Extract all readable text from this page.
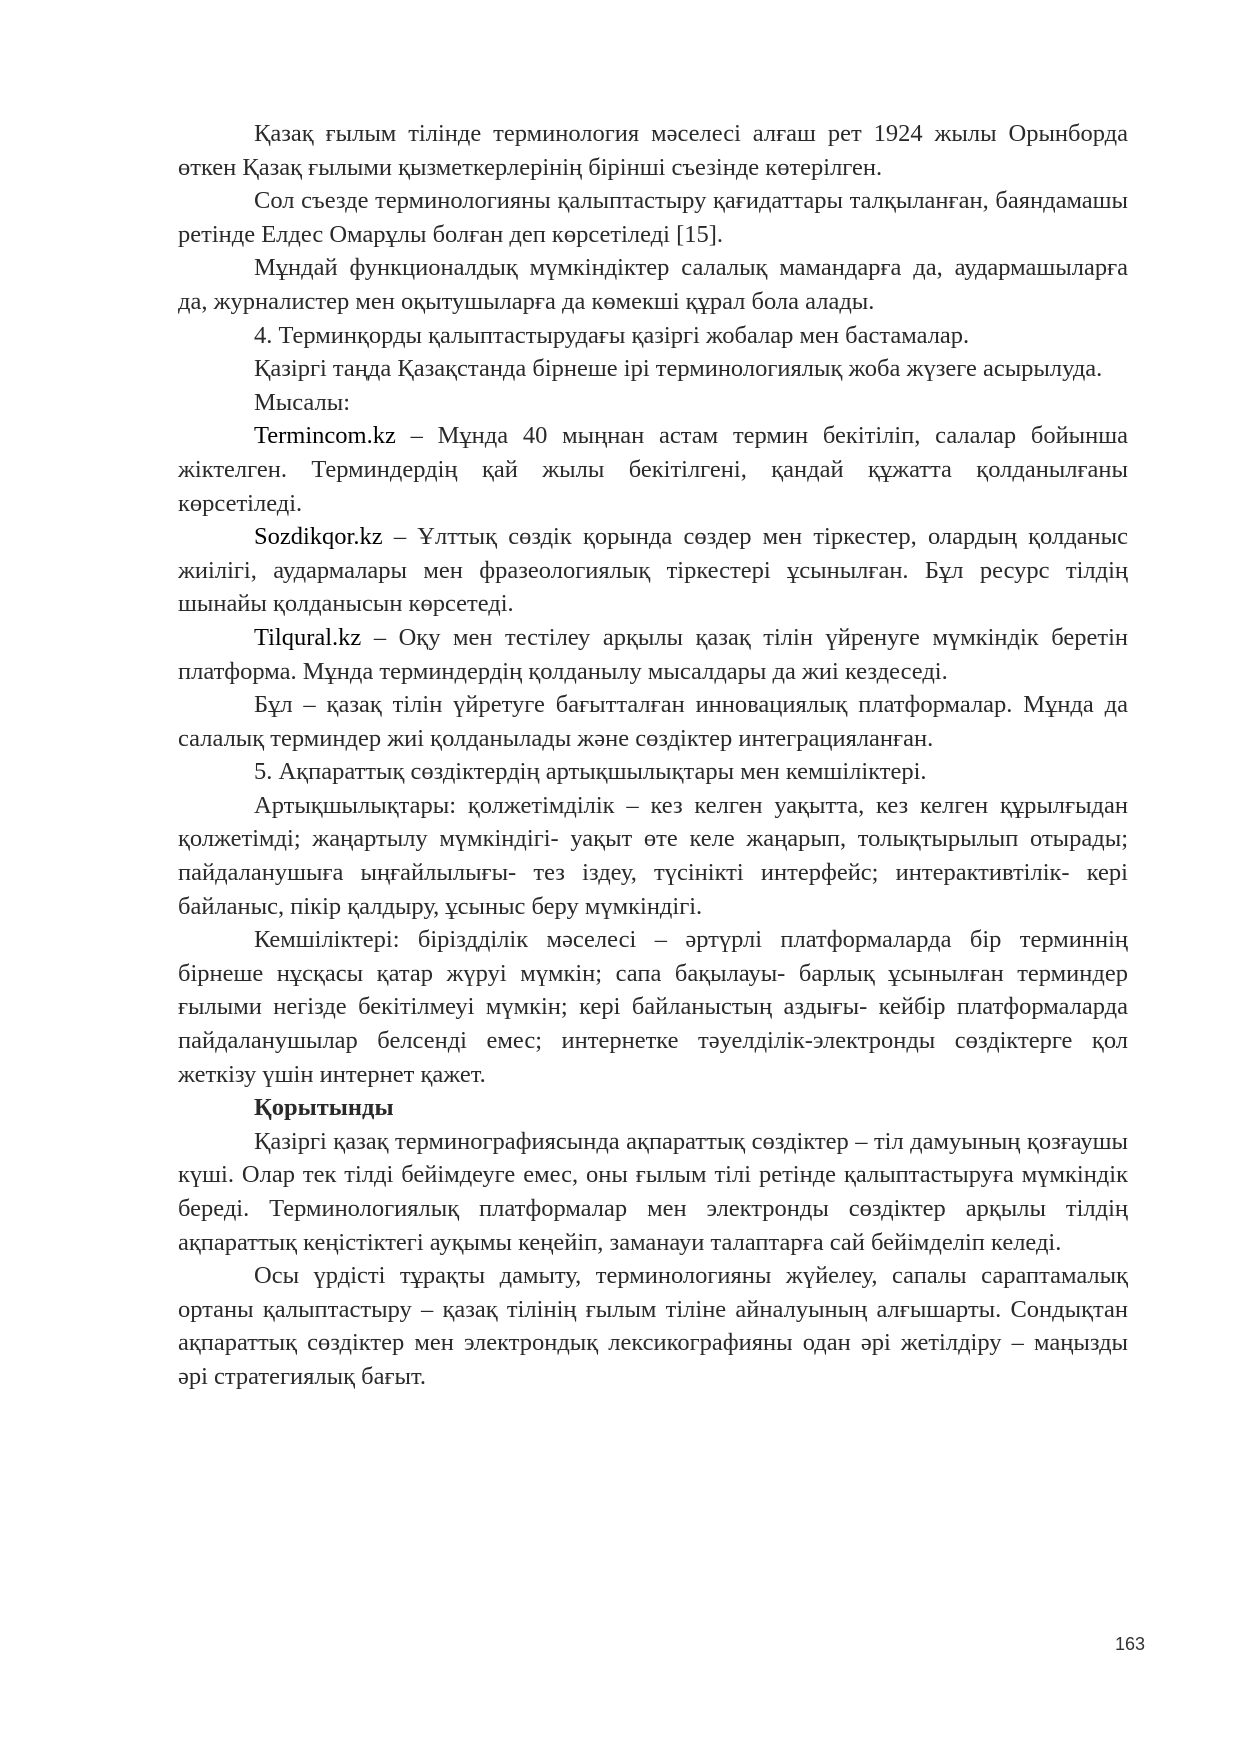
Қазақ ғылым тілінде терминология мәселесі алғаш рет 1924 жылы Орынборда өткен Қазақ ғылыми қызметкерлерінің бірінші съезінде көтерілген.

Сол съезде терминологияны қалыптастыру қағидаттары талқыланған, баяндамашы ретінде Елдес Омарұлы болған деп көрсетіледі [15].

Мұндай функционалдық мүмкіндіктер салалық мамандарға да, аудармашыларға да, журналистер мен оқытушыларға да көмекші құрал бола алады.

4. Терминқорды қалыптастырудағы қазіргі жобалар мен бастамалар.

Қазіргі таңда Қазақстанда бірнеше ірі терминологиялық жоба жүзеге асырылуда.

Мысалы:

Termincom.kz – Мұнда 40 мыңнан астам термин бекітіліп, салалар бойынша жіктелген. Терминдердің қай жылы бекітілгені, қандай құжатта қолданылғаны көрсетіледі.

Sozdikqor.kz – Ұлттық сөздік қорында сөздер мен тіркестер, олардың қолданыс жиілігі, аудармалары мен фразеологиялық тіркестері ұсынылған. Бұл ресурс тілдің шынайы қолданысын көрсетеді.

Tilqural.kz – Оқу мен тестілеу арқылы қазақ тілін үйренуге мүмкіндік беретін платформа. Мұнда терминдердің қолданылу мысалдары да жиі кездеседі.

Бұл – қазақ тілін үйретуге бағытталған инновациялық платформалар. Мұнда да салалық терминдер жиі қолданылады және сөздіктер интеграцияланған.

5. Ақпараттық сөздіктердің артықшылықтары мен кемшіліктері.

Артықшылықтары: қолжетімділік – кез келген уақытта, кез келген құрылғыдан қолжетімді; жаңартылу мүмкіндігі- уақыт өте келе жаңарып, толықтырылып отырады; пайдаланушыға ыңғайлылығы- тез іздеу, түсінікті интерфейс; интерактивтілік- кері байланыс, пікір қалдыру, ұсыныс беру мүмкіндігі.

Кемшіліктері: біріздділік мәселесі – әртүрлі платформаларда бір терминнің бірнеше нұсқасы қатар жүруі мүмкін; сапа бақылауы- барлық ұсынылған терминдер ғылыми негізде бекітілмеуі мүмкін; кері байланыстың аздығы- кейбір платформаларда пайдаланушылар белсенді емес; интернетке тәуелділік-электронды сөздіктерге қол жеткізу үшін интернет қажет.

Қорытынды

Қазіргі қазақ терминографиясында ақпараттық сөздіктер – тіл дамуының қозғаушы күші. Олар тек тілді бейімдеуге емес, оны ғылым тілі ретінде қалыптастыруға мүмкіндік береді. Терминологиялық платформалар мен электронды сөздіктер арқылы тілдің ақпараттық кеңістіктегі ауқымы кеңейіп, заманауи талаптарға сай бейімделіп келеді.

Осы үрдісті тұрақты дамыту, терминологияны жүйелеу, сапалы сараптамалық ортаны қалыптастыру – қазақ тілінің ғылым тіліне айналуының алғышарты. Сондықтан ақпараттық сөздіктер мен электрондық лексикографияны одан әрі жетілдіру – маңызды әрі стратегиялық бағыт.

163
